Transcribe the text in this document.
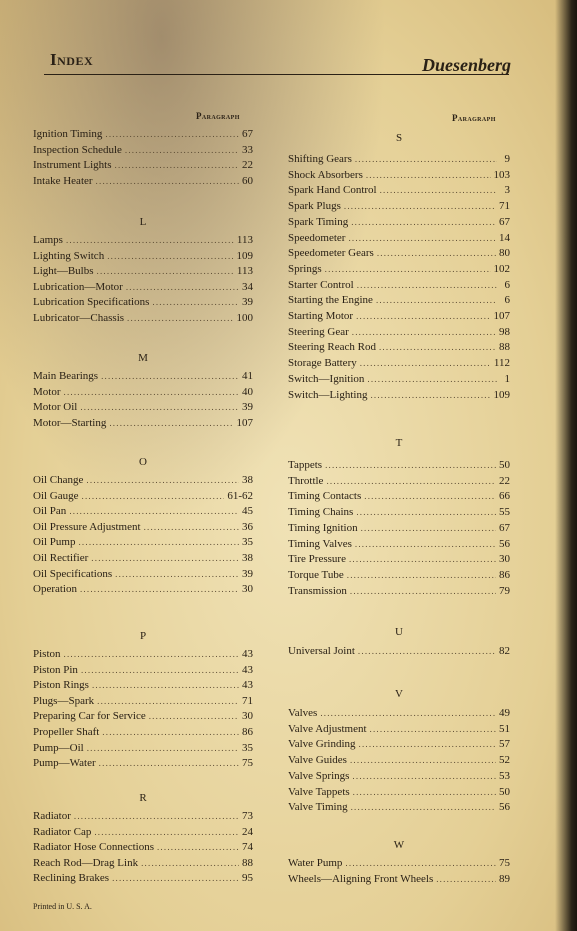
Index	Duesenberg
Paragraph
Ignition Timing .....	67
Inspection Schedule .....	33
Instrument Lights .....	22
Intake Heater .....	60
L
Lamps .....	113
Lighting Switch .....	109
Light—Bulbs .....	113
Lubrication—Motor .....	34
Lubrication Specifications .....	39
Lubricator—Chassis .....	100
M
Main Bearings .....	41
Motor .....	40
Motor Oil .....	39
Motor—Starting .....	107
O
Oil Change .....	38
Oil Gauge .....	61-62
Oil Pan .....	45
Oil Pressure Adjustment .....	36
Oil Pump .....	35
Oil Rectifier .....	38
Oil Specifications .....	39
Operation .....	30
P
Piston .....	43
Piston Pin .....	43
Piston Rings .....	43
Plugs—Spark .....	71
Preparing Car for Service .....	30
Propeller Shaft .....	86
Pump—Oil .....	35
Pump—Water .....	75
R
Radiator .....	73
Radiator Cap .....	24
Radiator Hose Connections .....	74
Reach Rod—Drag Link .....	88
Reclining Brakes .....	95
Paragraph
S
Shifting Gears .....	9
Shock Absorbers .....	103
Spark Hand Control .....	3
Spark Plugs .....	71
Spark Timing .....	67
Speedometer .....	14
Speedometer Gears .....	80
Springs .....	102
Starter Control .....	6
Starting the Engine .....	6
Starting Motor .....	107
Steering Gear .....	98
Steering Reach Rod .....	88
Storage Battery .....	112
Switch—Ignition .....	1
Switch—Lighting .....	109
T
Tappets .....	50
Throttle .....	22
Timing Contacts .....	66
Timing Chains .....	55
Timing Ignition .....	67
Timing Valves .....	56
Tire Pressure .....	30
Torque Tube .....	86
Transmission .....	79
U
Universal Joint .....	82
V
Valves .....	49
Valve Adjustment .....	51
Valve Grinding .....	57
Valve Guides .....	52
Valve Springs .....	53
Valve Tappets .....	50
Valve Timing .....	56
W
Water Pump .....	75
Wheels—Aligning Front Wheels .....	89
Printed in U. S. A.
